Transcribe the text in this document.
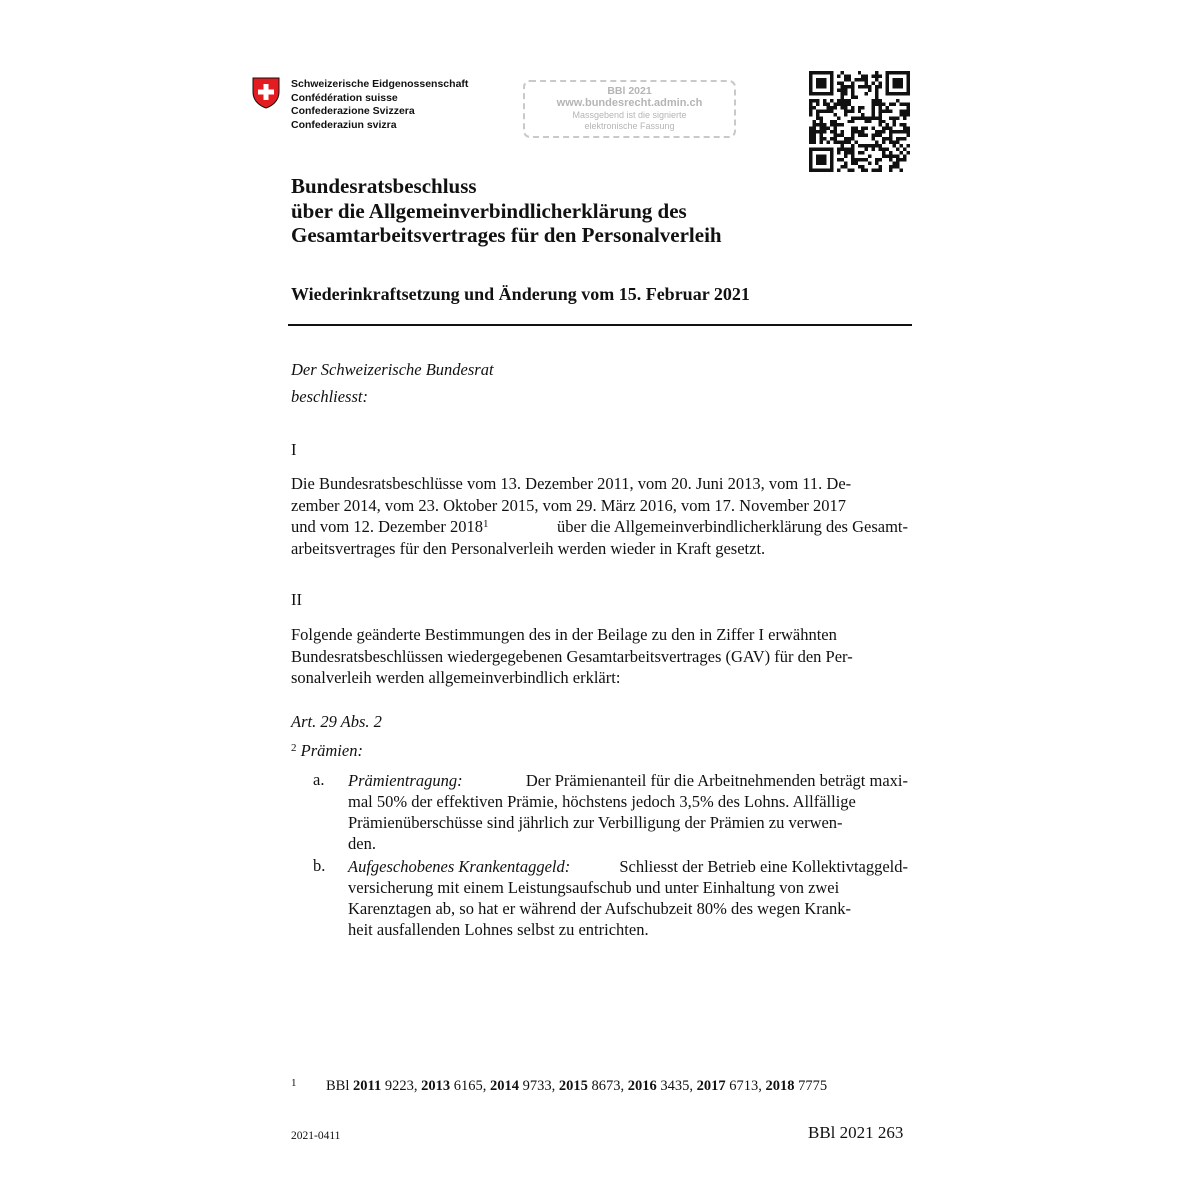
Schweizerische Eidgenossenschaft
Confédération suisse
Confederazione Svizzera
Confederaziun svizra
BBl 2021
www.bundesrecht.admin.ch
Massgebend ist die signierte
elektronische Fassung
Bundesratsbeschluss
über die Allgemeinverbindlicherklärung des
Gesamtarbeitsvertrages für den Personalverleih
Wiederinkraftsetzung und Änderung vom 15. Februar 2021
Der Schweizerische Bundesrat
beschliesst:
I
Die Bundesratsbeschlüsse vom 13. Dezember 2011, vom 20. Juni 2013, vom 11. De-
zember 2014, vom 23. Oktober 2015, vom 29. März 2016, vom 17. November 2017
und vom 12. Dezember 2018$^1$	über die Allgemeinverbindlicherklärung des Gesamt-
arbeitsvertrages für den Personalverleih werden wieder in Kraft gesetzt.
II
Folgende geänderte Bestimmungen des in der Beilage zu den in Ziffer I erwähnten
Bundesratsbeschlüssen wiedergegebenen Gesamtarbeitsvertrages (GAV) für den Per-
sonalverleih werden allgemeinverbindlich erklärt:
Art. 29 Abs. 2
$^2$ Prämien:
a. Prämientragung:	Der Prämienanteil für die Arbeitnehmenden beträgt maxi-
mal 50% der effektiven Prämie, höchstens jedoch 3,5% des Lohns. Allfällige
Prämienüberschüsse sind jährlich zur Verbilligung der Prämien zu verwen-
den.
b. Aufgeschobenes Krankentaggeld:	Schliesst der Betrieb eine Kollektivtaggeld-
versicherung mit einem Leistungsaufschub und unter Einhaltung von zwei
Karenztagen ab, so hat er während der Aufschubzeit 80% des wegen Krank-
heit ausfallenden Lohnes selbst zu entrichten.
1 BBl 2011 9223, 2013 6165, 2014 9733, 2015 8673, 2016 3435, 2017 6713, 2018 7775
2021-0411	BBl 2021 263
